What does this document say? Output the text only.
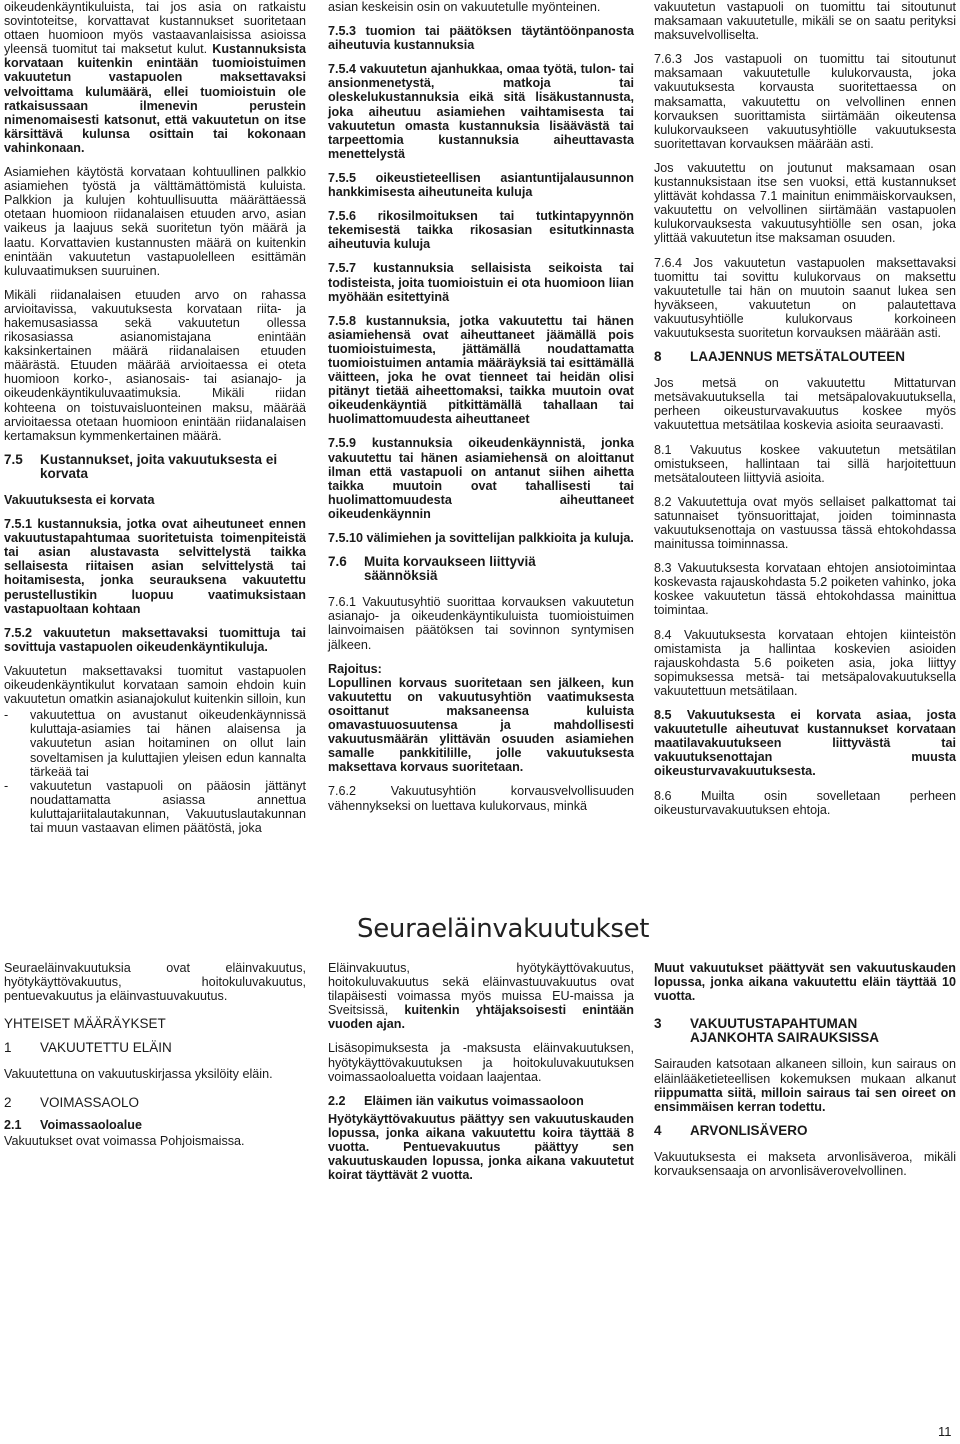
oikeudenkäyntikuluista, tai jos asia on ratkaistu sovintoteitse, korvattavat kustannukset suoritetaan ottaen huomioon myös vastaavanlaisissa asioissa yleensä tuomitut tai maksetut kulut. Kustannuksista korvataan kuitenkin enintään tuomioistuimen vakuutetun vastapuolen maksettavaksi velvoittama kulumäärä, ellei tuomioistuin ole ratkaisussaan ilmenevin perustein nimenomaisesti katsonut, että vakuutetun on itse kärsittävä kulunsa osittain tai kokonaan vahinkonaan.

Asiamiehen käytöstä korvataan kohtuullinen palkkio asiamiehen työstä ja välttämättömistä kuluista. Palkkion ja kulujen kohtuullisuutta määrättäessä otetaan huomioon riidanalaisen etuuden arvo, asian vaikeus ja laajuus sekä suoritetun työn määrä ja laatu. Korvattavien kustannusten määrä on kuitenkin enintään vakuutetun vastapuolelleen esittämän kuluvaatimuksen suuruinen.

Mikäli riidanalaisen etuuden arvo on rahassa arvioitavissa, vakuutuksesta korvataan riita- ja hakemusasiassa sekä vakuutetun ollessa rikosasiassa asianomistajana enintään kaksinkertainen määrä riidanalaisen etuuden määrästä. Etuuden määrää arvioitaessa ei oteta huomioon korko-, asianosais- tai asianajo- ja oikeudenkäyntikuluvaatimuksia. Mikäli riidan kohteena on toistuvaisluonteinen maksu, määrää arvioitaessa otetaan huomioon enintään riidanalaisen kertamaksun kymmenkertainen määrä.

7.5 Kustannukset, joita vakuutuksesta ei korvata

Vakuutuksesta ei korvata

7.5.1 kustannuksia, jotka ovat aiheutuneet ennen vakuutustapahtumaa suoritetuista toimenpiteistä tai asian alustavasta selvittelystä taikka sellaisesta riitaisen asian selvittelystä tai hoitamisesta, jonka seurauksena vakuutettu perustellustikin luopuu vaatimuksistaan vastapuoltaan kohtaan

7.5.2 vakuutetun maksettavaksi tuomittuja tai sovittuja vastapuolen oikeudenkäyntikuluja.

Vakuutetun maksettavaksi tuomitut vastapuolen oikeudenkäyntikulut korvataan samoin ehdoin kuin vakuutetun omatkin asianajokulut kuitenkin silloin, kun

-	vakuutettua on avustanut oikeudenkäynnissä kuluttaja-asiamies tai hänen alaisensa ja vakuutetun asian hoitaminen on ollut lain soveltamisen ja kuluttajien yleisen edun kannalta tärkeää tai
-	vakuutetun vastapuoli on pääosin jättänyt noudattamatta asiassa annettua kuluttajariitalautakunnan, Vakuutuslautakunnan tai muun vastaavan elimen päätöstä, joka

asian keskeisin osin on vakuutetulle myönteinen.

7.5.3 tuomion tai päätöksen täytäntöönpanosta aiheutuvia kustannuksia

7.5.4 vakuutetun ajanhukkaa, omaa työtä, tulon- tai ansionmenetystä, matkoja tai oleskelukustannuksia eikä sitä lisäkustannusta, joka aiheutuu asiamiehen vaihtamisesta tai vakuutetun omasta kustannuksia lisäävästä tai tarpeettomia kustannuksia aiheuttavasta menettelystä

7.5.5 oikeustieteellisen asiantuntijalausunnon hankkimisesta aiheutuneita kuluja

7.5.6 rikosilmoituksen tai tutkintapyynnön tekemisestä taikka rikosasian esitutkinnasta aiheutuvia kuluja

7.5.7 kustannuksia sellaisista seikoista tai todisteista, joita tuomioistuin ei ota huomioon liian myöhään esitettyinä

7.5.8 kustannuksia, jotka vakuutettu tai hänen asiamiehensä ovat aiheuttaneet jäämällä pois tuomioistuimesta, jättämällä noudattamatta tuomioistuimen antamia määräyksiä tai esittämällä väitteen, joka he ovat tienneet tai heidän olisi pitänyt tietää aiheettomaksi, taikka muutoin ovat oikeudenkäyntiä pitkittämällä tahallaan tai huolimattomuudesta aiheuttaneet

7.5.9 kustannuksia oikeudenkäynnistä, jonka vakuutettu tai hänen asiamiehensä on aloittanut ilman että vastapuoli on antanut siihen aihetta taikka muutoin ovat tahallisesti tai huolimattomuudesta aiheuttaneet oikeudenkäynnin

7.5.10 välimiehen ja sovittelijan palkkioita ja kuluja.

7.6 Muita korvaukseen liittyviä säännöksiä

7.6.1 Vakuutusyhtiö suorittaa korvauksen vakuutetun asianajo- ja oikeudenkäyntikuluista tuomioistuimen lainvoimaisen päätöksen tai sovinnon syntymisen jälkeen.

Rajoitus:

Lopullinen korvaus suoritetaan sen jälkeen, kun vakuutettu on vakuutusyhtiön vaatimuksesta osoittanut maksaneensa kuluista omavastuuosuutensa ja mahdollisesti vakuutusmäärän ylittävän osuuden asiamiehen samalle pankkitilille, jolle vakuutuksesta maksettava korvaus suoritetaan.

7.6.2 Vakuutusyhtiön korvausvelvollisuuden vähennykseksi on luettava kulukorvaus, minkä

vakuutetun vastapuoli on tuomittu tai sitoutunut maksamaan vakuutetulle, mikäli se on saatu perityksi maksuvelvolliselta.

7.6.3 Jos vastapuoli on tuomittu tai sitoutunut maksamaan vakuutetulle kulukorvausta, joka vakuutuksesta korvausta suoritettaessa on maksamatta, vakuutettu on velvollinen ennen korvauksen suorittamista siirtämään oikeutensa kulukorvaukseen vakuutusyhtiölle vakuutuksesta suoritettavan korvauksen määrään asti.

Jos vakuutettu on joutunut maksamaan osan kustannuksistaan itse sen vuoksi, että kustannukset ylittävät kohdassa 7.1 mainitun enimmäiskorvauksen, vakuutettu on velvollinen siirtämään vastapuolen kulukorvauksesta vakuutusyhtiölle sen osan, joka ylittää vakuutetun itse maksaman osuuden.

7.6.4 Jos vakuutetun vastapuolen maksettavaksi tuomittu tai sovittu kulukorvaus on maksettu vakuutetulle tai hän on muutoin saanut lukea sen hyväkseen, vakuutetun on palautettava vakuutusyhtiölle kulukorvaus korkoineen vakuutuksesta suoritetun korvauksen määrään asti.

8 LAAJENNUS METSÄTALOUTEEN

Jos metsä on vakuutettu Mittaturvan metsävakuutuksella tai metsäpalovakuutuksella, perheen oikeusturvavakuutus koskee myös vakuutettua metsätilaa koskevia asioita seuraavasti.

8.1 Vakuutus koskee vakuutetun metsätilan omistukseen, hallintaan tai sillä harjoitettuun metsätalouteen liittyviä asioita.

8.2 Vakuutettuja ovat myös sellaiset palkattomat tai satunnaiset työnsuorittajat, joiden toiminnasta vakuutuksenottaja on vastuussa tässä ehtokohdassa mainitussa toiminnassa.

8.3 Vakuutuksesta korvataan ehtojen ansiotoimintaa koskevasta rajauskohdasta 5.2 poiketen vahinko, joka koskee vakuutetun tässä ehtokohdassa mainittua toimintaa.

8.4 Vakuutuksesta korvataan ehtojen kiinteistön omistamista ja hallintaa koskevien asioiden rajauskohdasta 5.6 poiketen asia, joka liittyy sopimuksessa metsä- tai metsäpalovakuutuksella vakuutettuun metsätilaan.

8.5 Vakuutuksesta ei korvata asiaa, josta vakuutetulle aiheutuvat kustannukset korvataan maatilavakuutukseen liittyvästä tai vakuutuksenottajan muusta oikeusturvavakuutuksesta.

8.6 Muilta osin sovelletaan perheen oikeusturvavakuutuksen ehtoja.

Seuraeläinvakuutukset

Seuraeläinvakuutuksia ovat eläinvakuutus, hyötykäyttövakuutus, hoitokuluvakuutus, pentuevakuutus ja eläinvastuuvakuutus.

YHTEISET MÄÄRÄYKSET

1 VAKUUTETTU ELÄIN

Vakuutettuna on vakuutuskirjassa yksilöity eläin.

2 VOIMASSAOLO
2.1 Voimassaoloalue

Vakuutukset ovat voimassa Pohjoismaissa.

Eläinvakuutus, hyötykäyttövakuutus, hoitokuluvakuutus sekä eläinvastuuvakuutus ovat tilapäisesti voimassa myös muissa EU-maissa ja Sveitsissä, kuitenkin yhtäjaksoisesti enintään vuoden ajan.

Lisäsopimuksesta ja -maksusta eläinvakuutuksen, hyötykäyttövakuutuksen ja hoitokuluvakuutuksen voimassaoloaluetta voidaan laajentaa.

2.2 Eläimen iän vaikutus voimassaoloon

Hyötykäyttövakuutus päättyy sen vakuutuskauden lopussa, jonka aikana vakuutettu koira täyttää 8 vuotta. Pentuevakuutus päättyy sen vakuutuskauden lopussa, jonka aikana vakuutetut koirat täyttävät 2 vuotta.

Muut vakuutukset päättyvät sen vakuutuskauden lopussa, jonka aikana vakuutettu eläin täyttää 10 vuotta.

3 VAKUUTUSTAPAHTUMAN AJANKOHTA SAIRAUKSISSA

Sairauden katsotaan alkaneen silloin, kun sairaus on eläinlääketieteellisen kokemuksen mukaan alkanut riippumatta siitä, milloin sairaus tai sen oireet on ensimmäisen kerran todettu.

4 ARVONLISÄVERO

Vakuutuksesta ei makseta arvonlisäveroa, mikäli korvauksensaaja on arvonlisäverovelvollinen.

11
